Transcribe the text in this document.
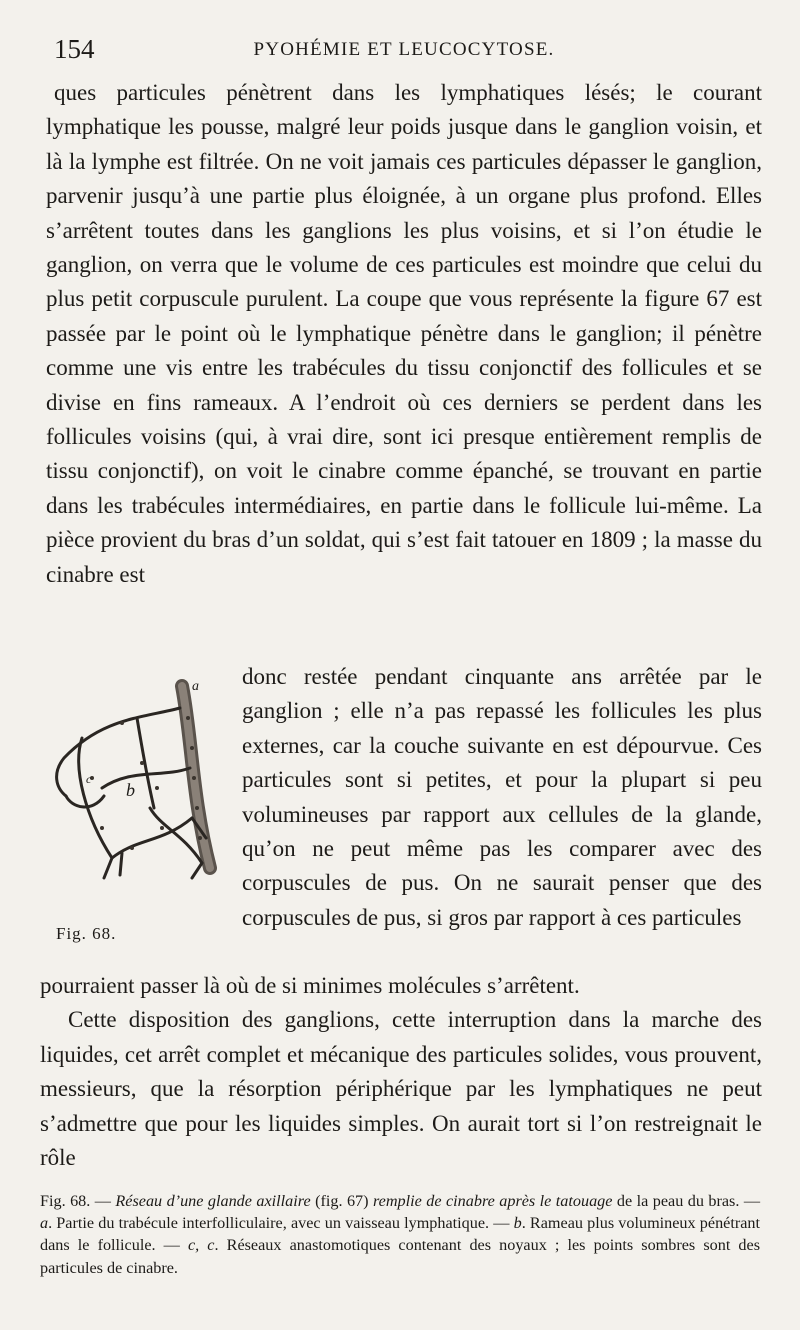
154	PYOHÉMIE ET LEUCOCYTOSE.

ques particules pénètrent dans les lymphatiques lésés; le courant lymphatique les pousse, malgré leur poids jusque dans le ganglion voisin, et là la lymphe est filtrée. On ne voit jamais ces particules dépasser le ganglion, parvenir jusqu’à une partie plus éloignée, à un organe plus profond. Elles s’arrêtent toutes dans les ganglions les plus voisins, et si l’on étudie le ganglion, on verra que le volume de ces particules est moindre que celui du plus petit corpuscule purulent. La coupe que vous représente la figure 67 est passée par le point où le lymphatique pénètre dans le ganglion; il pénètre comme une vis entre les trabécules du tissu conjonctif des follicules et se divise en fins rameaux. A l’endroit où ces derniers se perdent dans les follicules voisins (qui, à vrai dire, sont ici presque entièrement remplis de tissu conjonctif), on voit le cinabre comme épanché, se trouvant en partie dans les trabécules intermédiaires, en partie dans le follicule lui-même. La pièce provient du bras d’un soldat, qui s’est fait tatouer en 1809 ; la masse du cinabre est

a
b
c
Fig. 68.

donc restée pendant cinquante ans arrêtée par le ganglion ; elle n’a pas repassé les follicules les plus externes, car la couche suivante en est dépourvue. Ces particules sont si petites, et pour la plupart si peu volumineuses par rapport aux cellules de la glande, qu’on ne peut même pas les comparer avec des corpuscules de pus. On ne saurait penser que des corpuscules de pus, si gros par rapport à ces particules

pourraient passer là où de si minimes molécules s’arrêtent.

Cette disposition des ganglions, cette interruption dans la marche des liquides, cet arrêt complet et mécanique des particules solides, vous prouvent, messieurs, que la résorption périphérique par les lymphatiques ne peut s’admettre que pour les liquides simples. On aurait tort si l’on restreignait le rôle

Fig. 68. — Réseau d’une glande axillaire (fig. 67) remplie de cinabre après le tatouage de la peau du bras. — a. Partie du trabécule interfolliculaire, avec un vaisseau lymphatique. — b. Rameau plus volumineux pénétrant dans le follicule. — c, c. Réseaux anastomotiques contenant des noyaux ; les points sombres sont des particules de cinabre.
